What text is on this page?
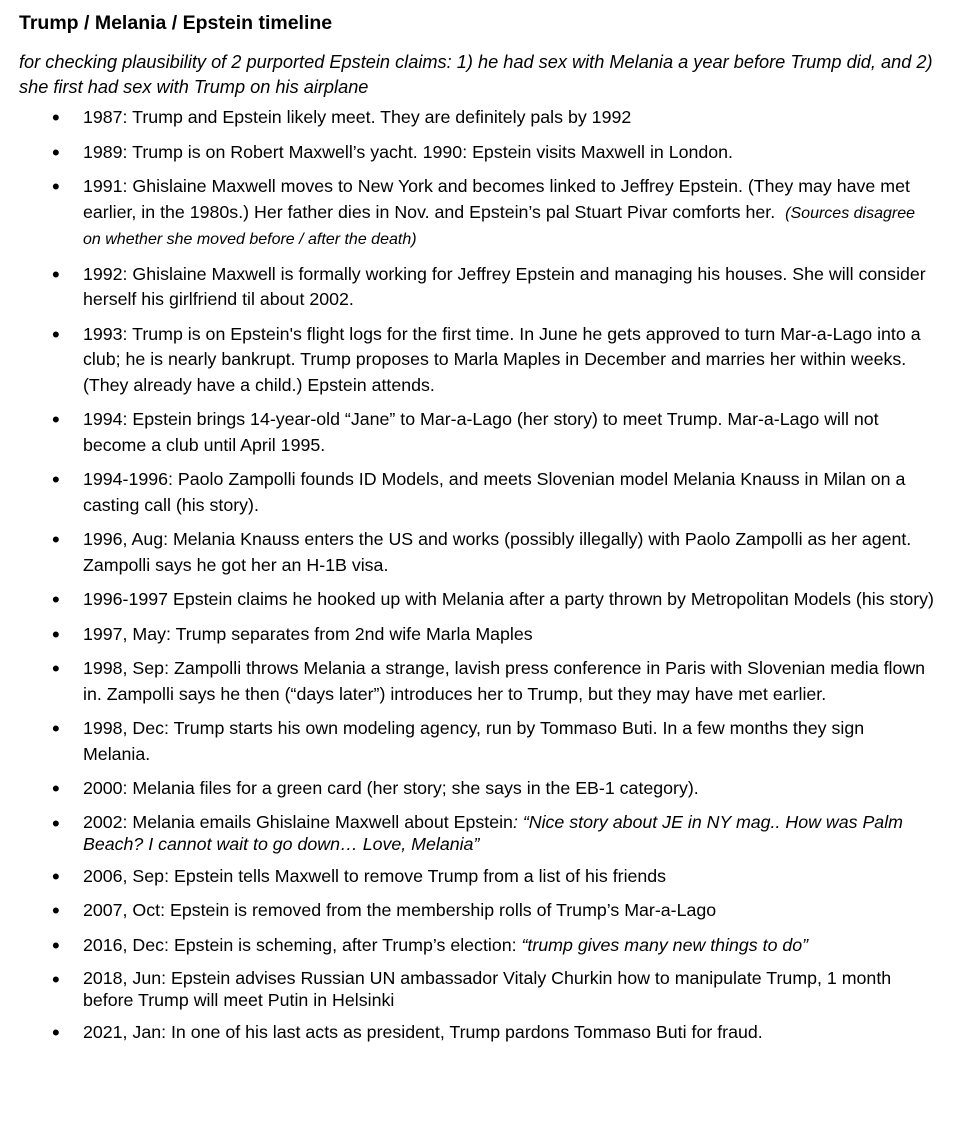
Trump / Melania / Epstein timeline
for checking plausibility of 2 purported Epstein claims: 1) he had sex with Melania a year before Trump did, and 2) she first had sex with Trump on his airplane
• 1987: Trump and Epstein likely meet. They are definitely pals by 1992
• 1989: Trump is on Robert Maxwell’s yacht. 1990: Epstein visits Maxwell in London.
• 1991: Ghislaine Maxwell moves to New York and becomes linked to Jeffrey Epstein. (They may have met earlier, in the 1980s.) Her father dies in Nov. and Epstein’s pal Stuart Pivar comforts her. (Sources disagree on whether she moved before / after the death)
• 1992: Ghislaine Maxwell is formally working for Jeffrey Epstein and managing his houses. She will consider herself his girlfriend til about 2002.
• 1993: Trump is on Epstein's flight logs for the first time. In June he gets approved to turn Mar-a-Lago into a club; he is nearly bankrupt. Trump proposes to Marla Maples in December and marries her within weeks. (They already have a child.) Epstein attends.
• 1994: Epstein brings 14-year-old “Jane” to Mar-a-Lago (her story) to meet Trump. Mar-a-Lago will not become a club until April 1995.
• 1994-1996: Paolo Zampolli founds ID Models, and meets Slovenian model Melania Knauss in Milan on a casting call (his story).
• 1996, Aug: Melania Knauss enters the US and works (possibly illegally) with Paolo Zampolli as her agent. Zampolli says he got her an H-1B visa.
• 1996-1997 Epstein claims he hooked up with Melania after a party thrown by Metropolitan Models (his story)
• 1997, May: Trump separates from 2nd wife Marla Maples
• 1998, Sep: Zampolli throws Melania a strange, lavish press conference in Paris with Slovenian media flown in. Zampolli says he then (“days later”) introduces her to Trump, but they may have met earlier.
• 1998, Dec: Trump starts his own modeling agency, run by Tommaso Buti. In a few months they sign Melania.
• 2000: Melania files for a green card (her story; she says in the EB-1 category).
• 2002: Melania emails Ghislaine Maxwell about Epstein: “Nice story about JE in NY mag.. How was Palm Beach? I cannot wait to go down… Love, Melania”
• 2006, Sep: Epstein tells Maxwell to remove Trump from a list of his friends
• 2007, Oct: Epstein is removed from the membership rolls of Trump’s Mar-a-Lago
• 2016, Dec: Epstein is scheming, after Trump’s election: “trump gives many new things to do”
• 2018, Jun: Epstein advises Russian UN ambassador Vitaly Churkin how to manipulate Trump, 1 month before Trump will meet Putin in Helsinki
• 2021, Jan: In one of his last acts as president, Trump pardons Tommaso Buti for fraud.
